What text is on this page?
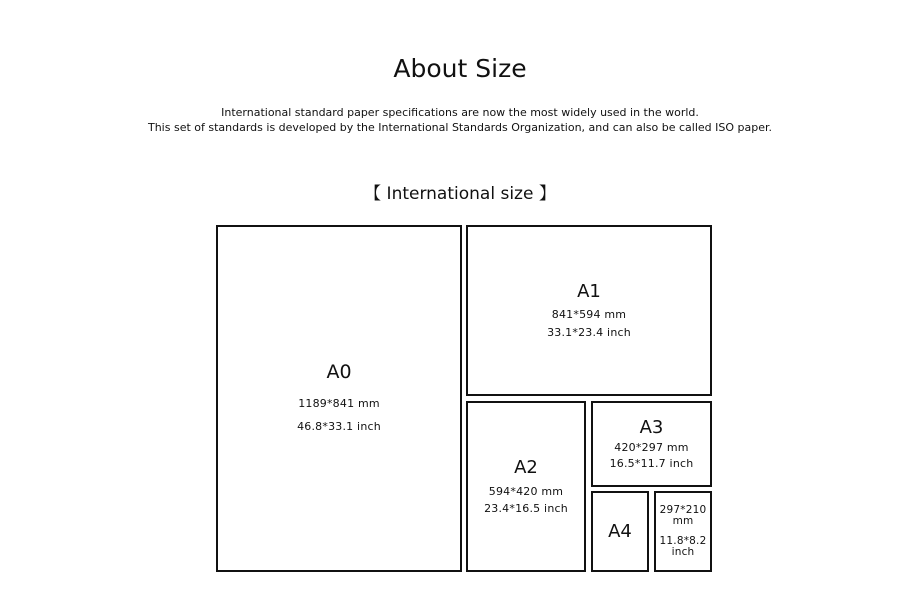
About Size
International standard paper specifications are now the most widely used in the world.
This set of standards is developed by the International Standards Organization, and can also be called ISO paper.
【 International size 】
A0
1189*841 mm
46.8*33.1 inch
A1
841*594 mm
33.1*23.4 inch
A2
594*420 mm
23.4*16.5 inch
A3
420*297 mm
16.5*11.7 inch
A4
297*210
mm
11.8*8.2
inch
